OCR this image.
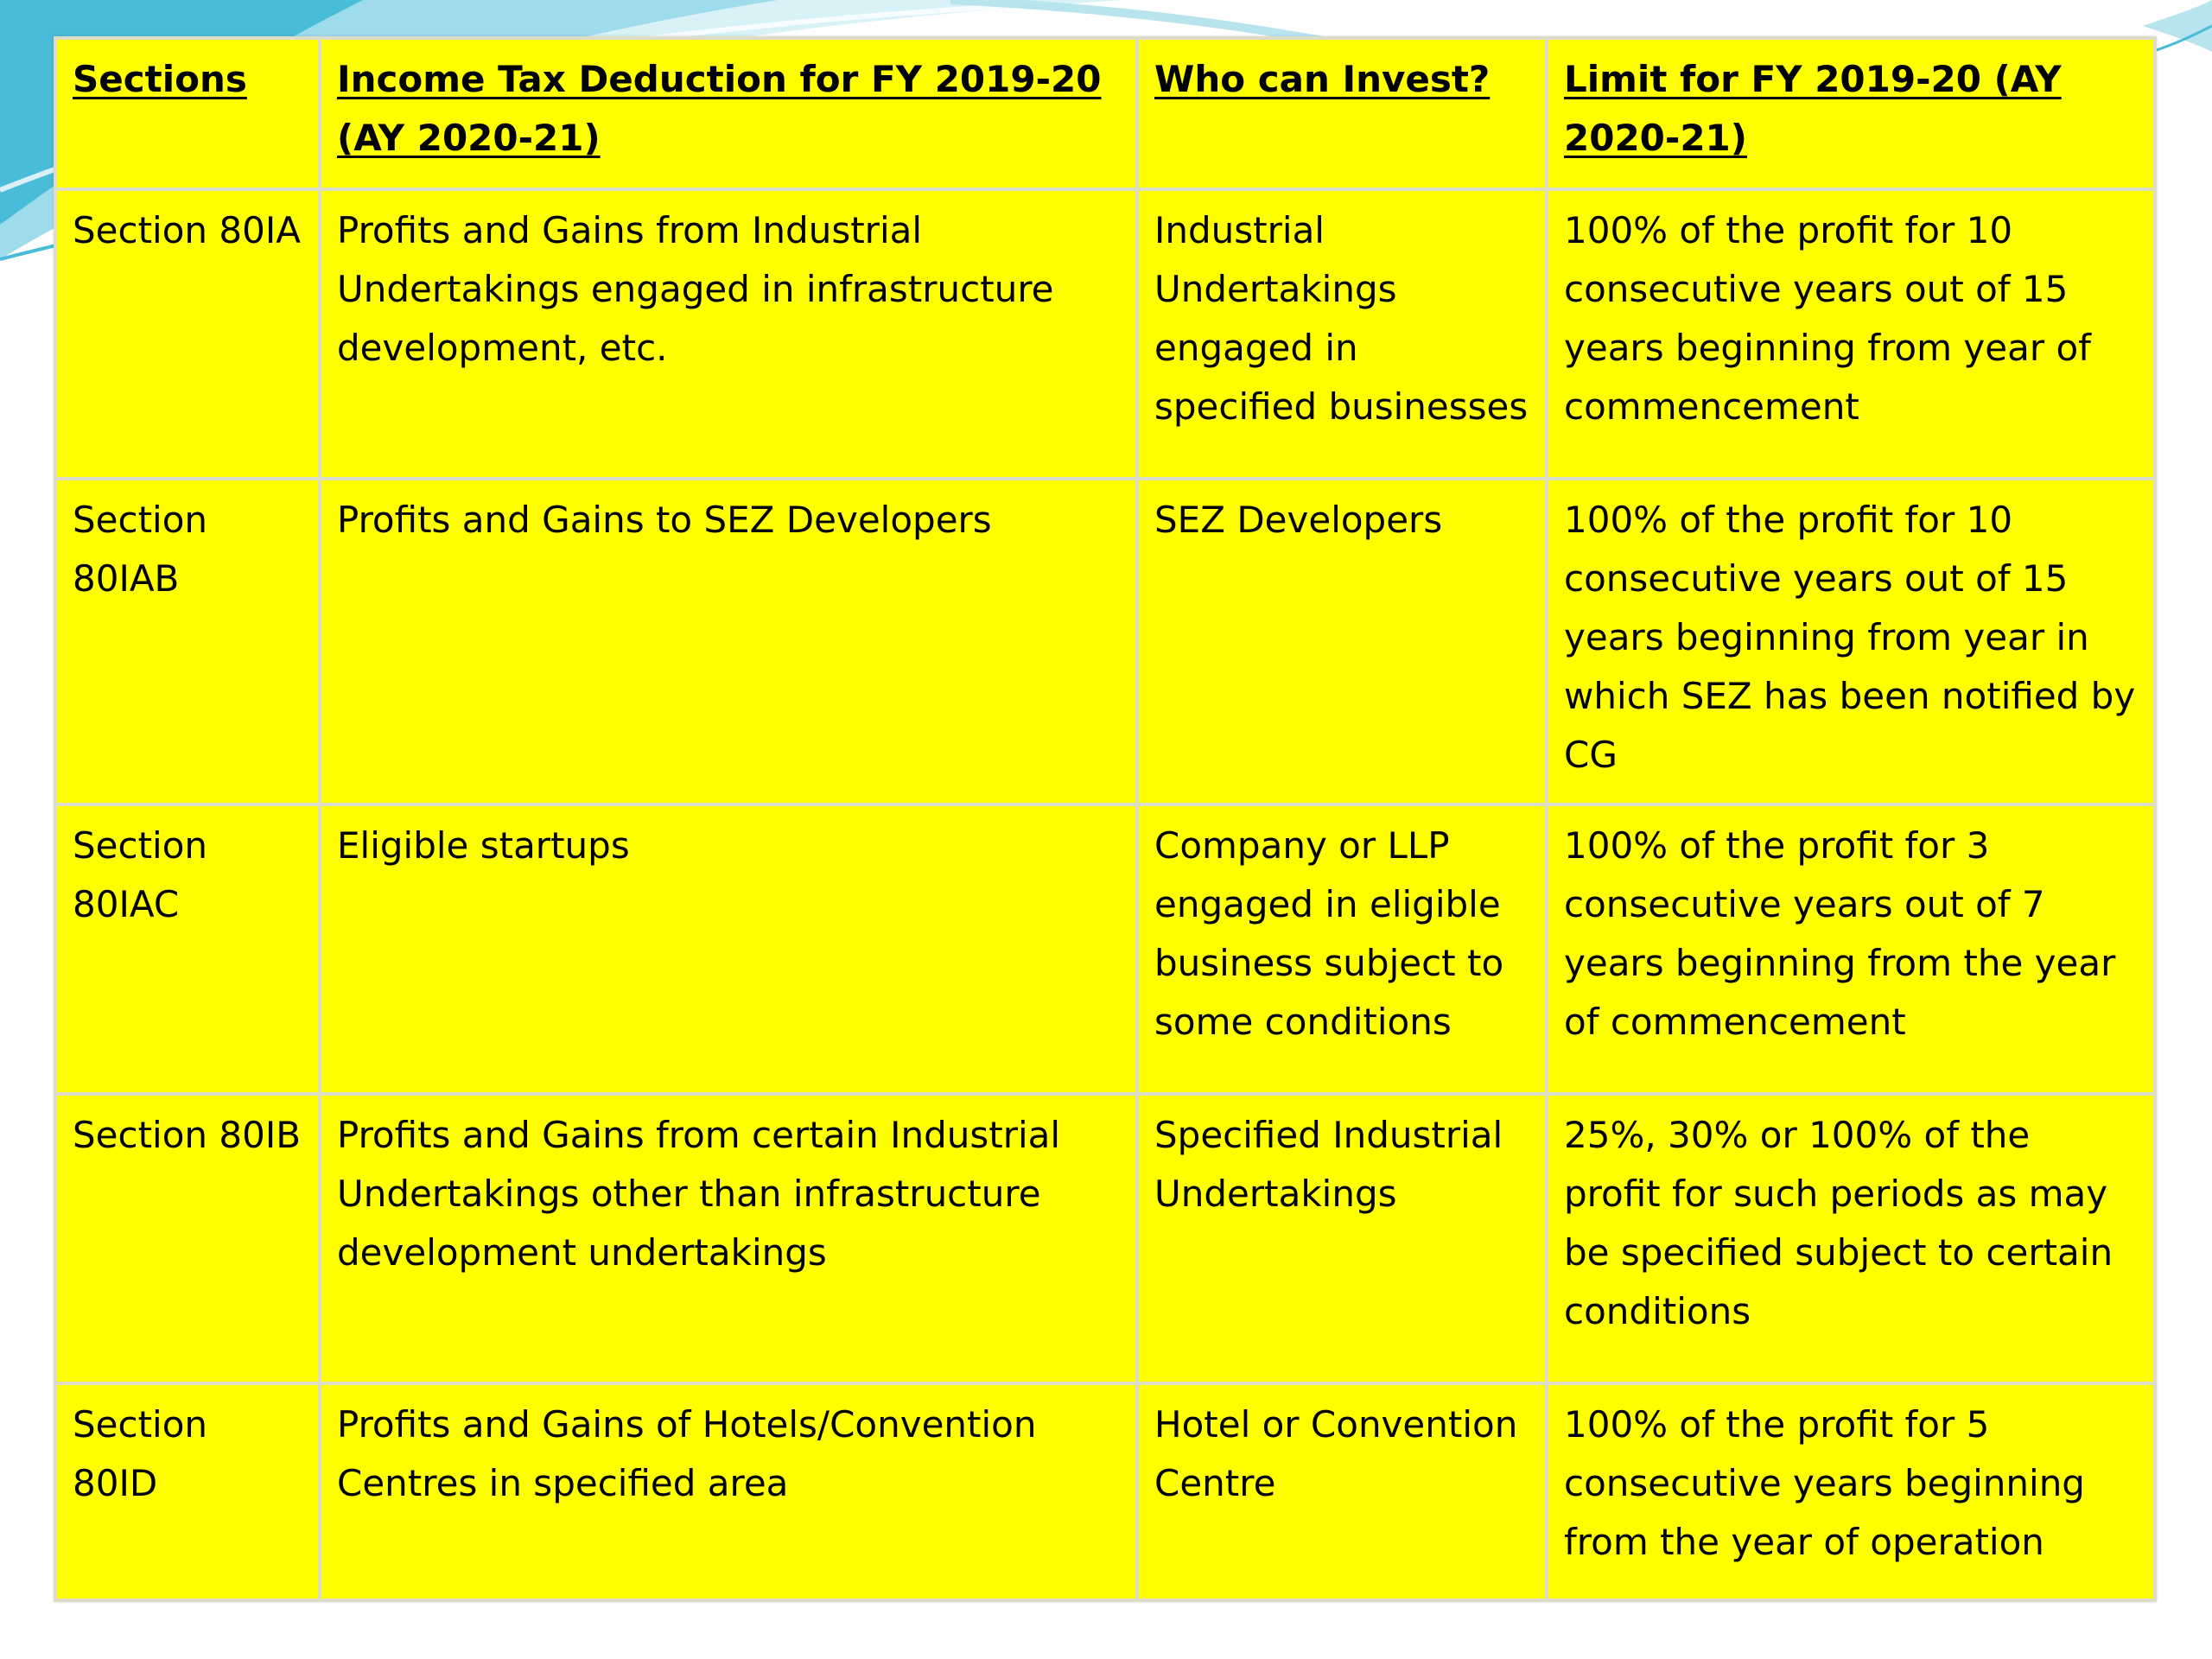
Sections	Income Tax Deduction for FY 2019-20 (AY 2020-21)	Who can Invest?	Limit for FY 2019-20 (AY 2020-21)
Section 80IA	Profits and Gains from Industrial Undertakings engaged in infrastructure development, etc.	Industrial Undertakings engaged in specified businesses	100% of the profit for 10 consecutive years out of 15 years beginning from year of commencement
Section 80IAB	Profits and Gains to SEZ Developers	SEZ Developers	100% of the profit for 10 consecutive years out of 15 years beginning from year in which SEZ has been notified by CG
Section 80IAC	Eligible startups	Company or LLP engaged in eligible business subject to some conditions	100% of the profit for 3 consecutive years out of 7 years beginning from the year of commencement
Section 80IB	Profits and Gains from certain Industrial Undertakings other than infrastructure development undertakings	Specified Industrial Undertakings	25%, 30% or 100% of the profit for such periods as may be specified subject to certain conditions
Section 80ID	Profits and Gains of Hotels/Convention Centres in specified area	Hotel or Convention Centre	100% of the profit for 5 consecutive years beginning from the year of operation
